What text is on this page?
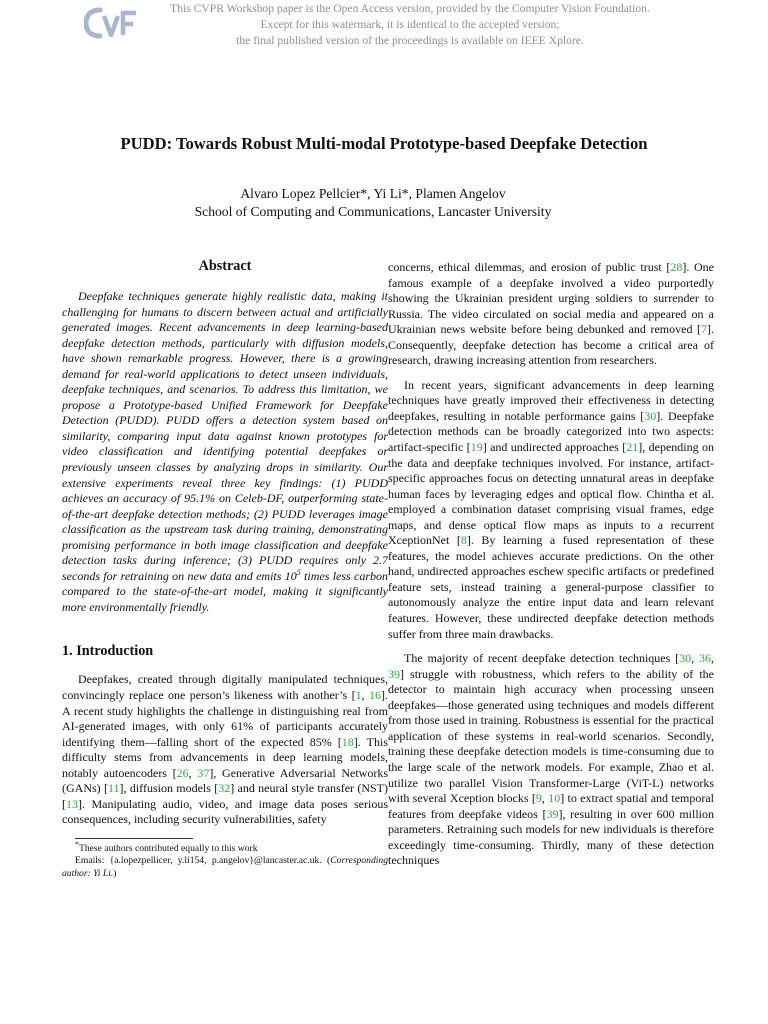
This CVPR Workshop paper is the Open Access version, provided by the Computer Vision Foundation.
Except for this watermark, it is identical to the accepted version;
the final published version of the proceedings is available on IEEE Xplore.
PUDD: Towards Robust Multi-modal Prototype-based Deepfake Detection
Alvaro Lopez Pellcier*, Yi Li*, Plamen Angelov
School of Computing and Communications, Lancaster University
Abstract

Deepfake techniques generate highly realistic data, making it challenging for humans to discern between actual and artificially generated images. Recent advancements in deep learning-based deepfake detection methods, particularly with diffusion models, have shown remarkable progress. However, there is a growing demand for real-world applications to detect unseen individuals, deepfake techniques, and scenarios. To address this limitation, we propose a Prototype-based Unified Framework for Deepfake Detection (PUDD). PUDD offers a detection system based on similarity, comparing input data against known prototypes for video classification and identifying potential deepfakes or previously unseen classes by analyzing drops in similarity. Our extensive experiments reveal three key findings: (1) PUDD achieves an accuracy of 95.1% on Celeb-DF, outperforming state-of-the-art deepfake detection methods; (2) PUDD leverages image classification as the upstream task during training, demonstrating promising performance in both image classification and deepfake detection tasks during inference; (3) PUDD requires only 2.7 seconds for retraining on new data and emits $10^5$ times less carbon compared to the state-of-the-art model, making it significantly more environmentally friendly.

1. Introduction

Deepfakes, created through digitally manipulated techniques, convincingly replace one person’s likeness with another’s [1, 16]. A recent study highlights the challenge in distinguishing real from AI-generated images, with only 61% of participants accurately identifying them—falling short of the expected 85% [18]. This difficulty stems from advancements in deep learning models, notably autoencoders [26, 37], Generative Adversarial Networks (GANs) [11], diffusion models [32] and neural style transfer (NST) [13]. Manipulating audio, video, and image data poses serious consequences, including security vulnerabilities, safety

*These authors contributed equally to this work

Emails: {a.lopezpellicer, y.li154, p.angelov}@lancaster.ac.uk. (Corresponding author: Yi Li.)

concerns, ethical dilemmas, and erosion of public trust [28]. One famous example of a deepfake involved a video purportedly showing the Ukrainian president urging soldiers to surrender to Russia. The video circulated on social media and appeared on a Ukrainian news website before being debunked and removed [7]. Consequently, deepfake detection has become a critical area of research, drawing increasing attention from researchers.

In recent years, significant advancements in deep learning techniques have greatly improved their effectiveness in detecting deepfakes, resulting in notable performance gains [30]. Deepfake detection methods can be broadly categorized into two aspects: artifact-specific [19] and undirected approaches [21], depending on the data and deepfake techniques involved. For instance, artifact-specific approaches focus on detecting unnatural areas in deepfake human faces by leveraging edges and optical flow. Chintha et al. employed a combination dataset comprising visual frames, edge maps, and dense optical flow maps as inputs to a recurrent XceptionNet [8]. By learning a fused representation of these features, the model achieves accurate predictions. On the other hand, undirected approaches eschew specific artifacts or predefined feature sets, instead training a general-purpose classifier to autonomously analyze the entire input data and learn relevant features. However, these undirected deepfake detection methods suffer from three main drawbacks.

The majority of recent deepfake detection techniques [30, 36, 39] struggle with robustness, which refers to the ability of the detector to maintain high accuracy when processing unseen deepfakes—those generated using techniques and models different from those used in training. Robustness is essential for the practical application of these systems in real-world scenarios. Secondly, training these deepfake detection models is time-consuming due to the large scale of the network models. For example, Zhao et al. utilize two parallel Vision Transformer-Large (ViT-L) networks with several Xception blocks [9, 10] to extract spatial and temporal features from deepfake videos [39], resulting in over 600 million parameters. Retraining such models for new individuals is therefore exceedingly time-consuming. Thirdly, many of these detection techniques
